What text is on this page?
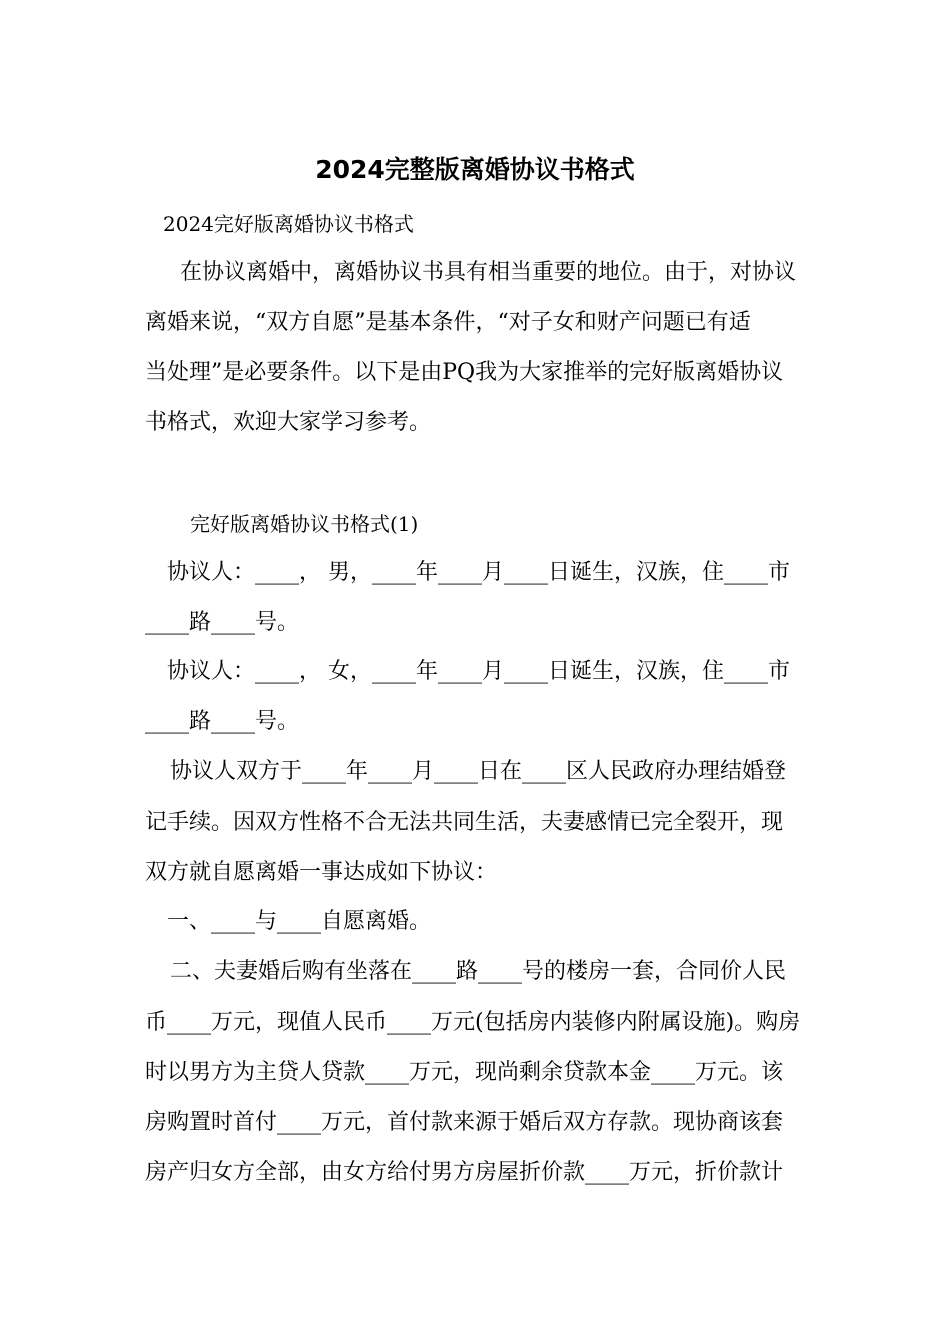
2024完整版离婚协议书格式
2024完好版离婚协议书格式
在协议离婚中，离婚协议书具有相当重要的地位。由于，对协议
离婚来说，“双方自愿”是基本条件，“对子女和财产问题已有适
当处理”是必要条件。以下是由PQ我为大家推举的完好版离婚协议
书格式，欢迎大家学习参考。
完好版离婚协议书格式(1)
协议人：____， 男，____年____月____日诞生，汉族，住____市
____路____号。
协议人：____， 女，____年____月____日诞生，汉族，住____市
____路____号。
协议人双方于____年____月____日在____区人民政府办理结婚登
记手续。因双方性格不合无法共同生活，夫妻感情已完全裂开，现
双方就自愿离婚一事达成如下协议：
一、____与____自愿离婚。
二、夫妻婚后购有坐落在____路____号的楼房一套，合同价人民
币____万元，现值人民币____万元(包括房内装修内附属设施)。购房
时以男方为主贷人贷款____万元，现尚剩余贷款本金____万元。该
房购置时首付____万元，首付款来源于婚后双方存款。现协商该套
房产归女方全部，由女方给付男方房屋折价款____万元，折价款计
